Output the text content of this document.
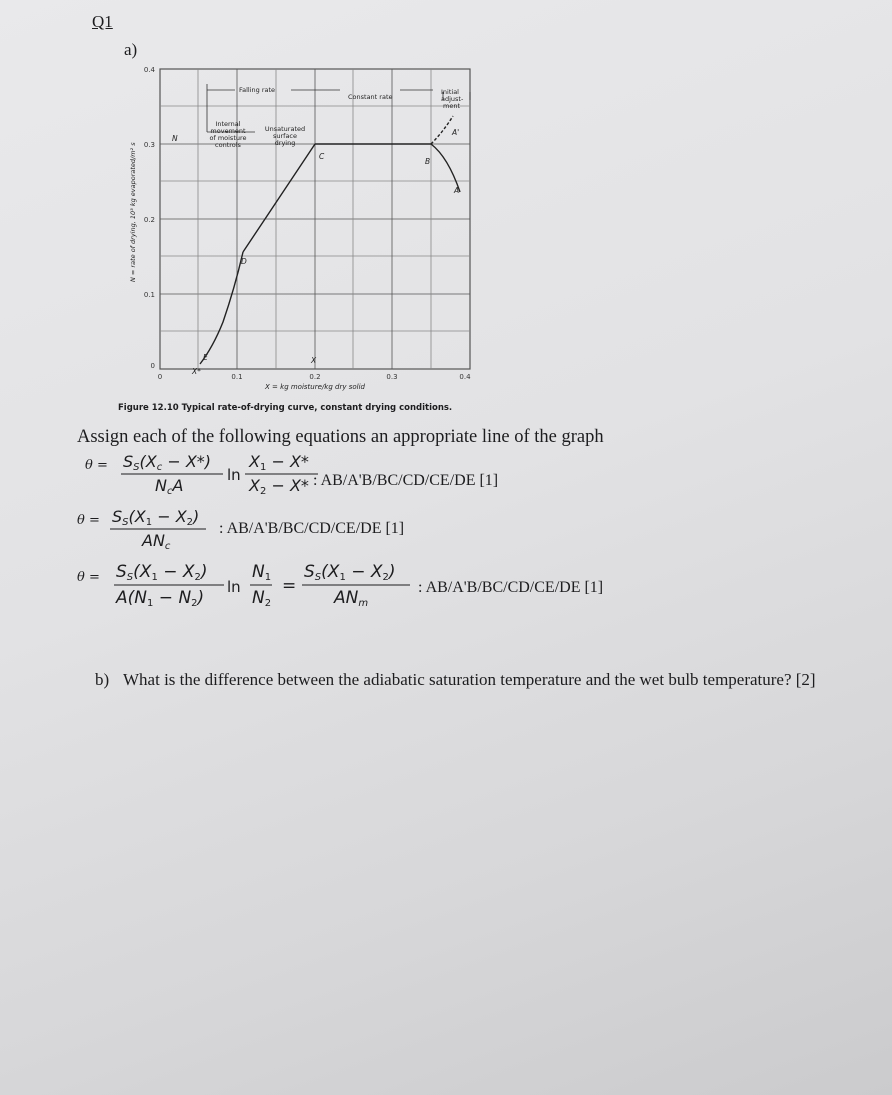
Q1
a)
Falling rate
Constant rate
Initial
adjust-
ment
Internal
movement
of moisture
controls
Unsaturated
surface
drying
A
A'
B
C
D
E
N
X
X*
0.4
0.3
0.2
0.1
0
0	0.1	0.2	0.3	0.4
X = kg moisture/kg dry solid
N = rate of drying, 10³ kg evaporated/m² s
Figure 12.10 Typical rate-of-drying curve, constant drying conditions.
Assign each of the following equations an appropriate line of the graph
θ = SS(Xc − X*)
NcA
ln
X1 − X*
X2 − X* : AB/A'B/BC/CD/CE/DE [1]
θ = SS(X1 − X2)
ANc
: AB/A'B/BC/CD/CE/DE [1]
θ = SS(X1 − X2)
A(N1 − N2)
ln
N1
N2
=
SS(X1 − X2)
ANm
: AB/A'B/BC/CD/CE/DE [1]
b) What is the difference between the adiabatic saturation temperature and the wet bulb temperature? [2]
